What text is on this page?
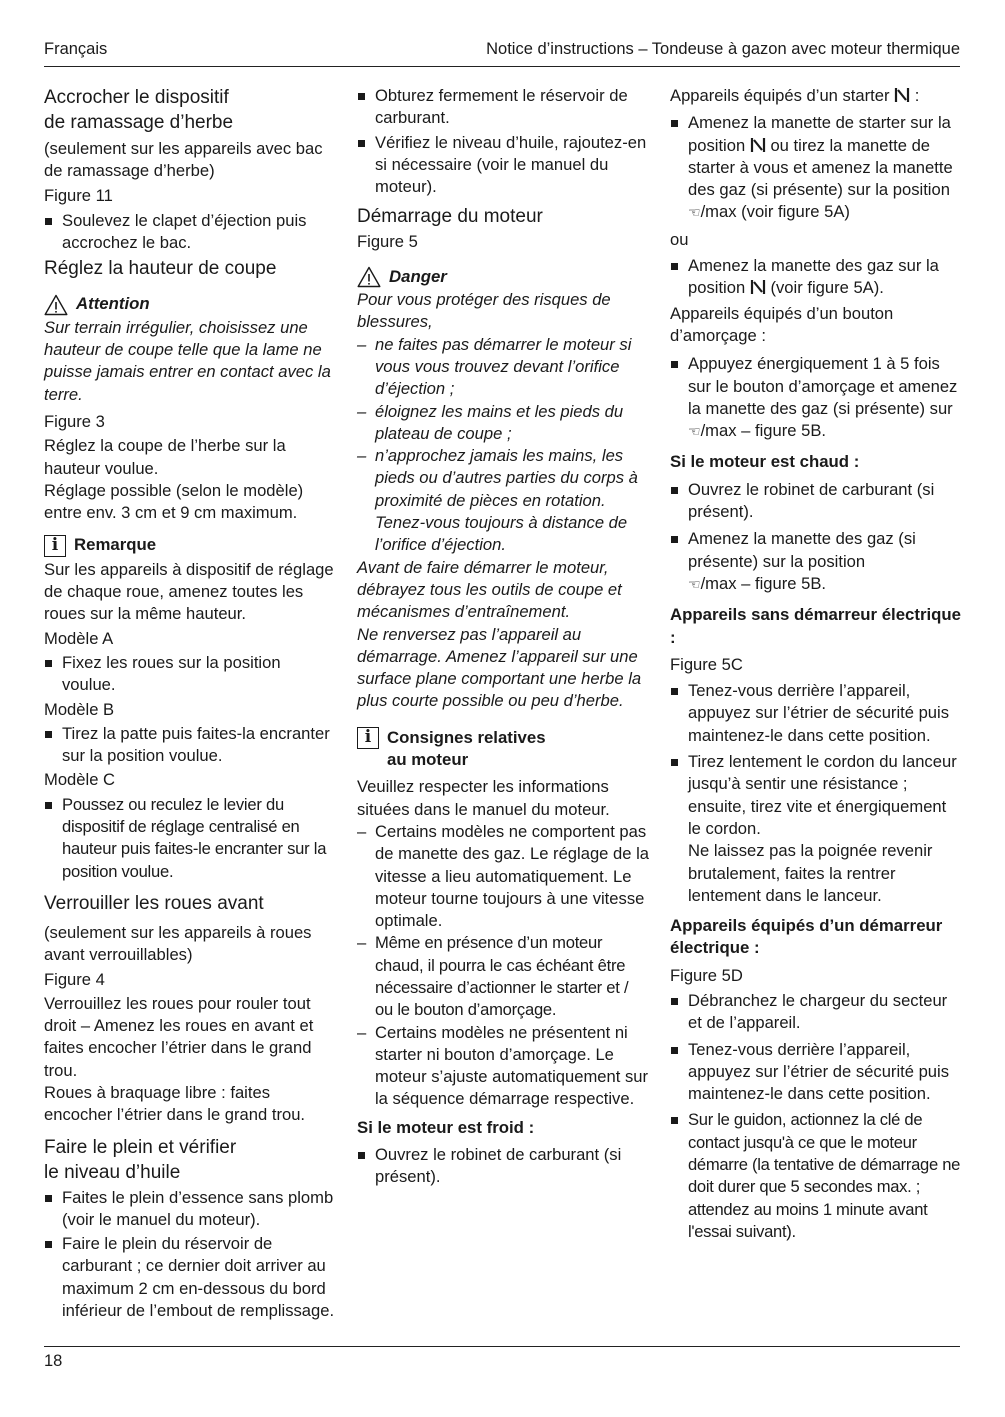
Français	Notice d’instructions – Tondeuse à gazon avec moteur thermique
Accrocher le dispositif
de ramassage d’herbe

(seulement sur les appareils avec bac de ramassage d’herbe)

Figure 11

Soulevez le clapet d’éjection puis accrochez le bac.

Réglez la hauteur de coupe
Attention

Sur terrain irrégulier, choisissez une hauteur de coupe telle que la lame ne puisse jamais entrer en contact avec la terre.

Figure 3

Réglez la coupe de l’herbe sur la hauteur voulue.

Réglage possible (selon le modèle) entre env. 3 cm et 9 cm maximum.

i Remarque

Sur les appareils à dispositif de réglage de chaque roue, amenez toutes les roues sur la même hauteur.

Modèle A

Fixez les roues sur la position voulue.

Modèle B

Tirez la patte puis faites-la encranter sur la position voulue.

Modèle C

Poussez ou reculez le levier du dispositif de réglage centralisé en hauteur puis faites-le encranter sur la position voulue.

Verrouiller les roues avant

(seulement sur les appareils à roues avant verrouillables)

Figure 4

Verrouillez les roues pour rouler tout droit – Amenez les roues en avant et faites encocher l’étrier dans le grand trou.

Roues à braquage libre : faites encocher l’étrier dans le grand trou.

Faire le plein et vérifier
le niveau d’huile

Faites le plein d’essence sans plomb (voir le manuel du moteur).

Faire le plein du réservoir de carburant ; ce dernier doit arriver au maximum 2 cm en-dessous du bord inférieur de l’embout de remplissage.

Obturez fermement le réservoir de carburant.

Vérifiez le niveau d’huile, rajoutez-en si nécessaire (voir le manuel du moteur).

Démarrage du moteur

Figure 5

Danger

Pour vous protéger des risques de blessures,

– ne faites pas démarrer le moteur si vous vous trouvez devant l’orifice d’éjection ;

– éloignez les mains et les pieds du plateau de coupe ;

– n’approchez jamais les mains, les pieds ou d’autres parties du corps à proximité de pièces en rotation. Tenez-vous toujours à distance de l’orifice d’éjection.

Avant de faire démarrer le moteur, débrayez tous les outils de coupe et mécanismes d’entraînement.

Ne renversez pas l’appareil au démarrage. Amenez l’appareil sur une surface plane comportant une herbe la plus courte possible ou peu d’herbe.

i Consignes relatives
au moteur

Veuillez respecter les informations situées dans le manuel du moteur.

– Certains modèles ne comportent pas de manette des gaz. Le réglage de la vitesse a lieu automatiquement. Le moteur tourne toujours à une vitesse optimale.

– Même en présence d’un moteur chaud, il pourra le cas échéant être nécessaire d’actionner le starter et / ou le bouton d’amorçage.

– Certains modèles ne présentent ni starter ni bouton d’amorçage. Le moteur s’ajuste automatiquement sur la séquence démarrage respective.

Si le moteur est froid :

Ouvrez le robinet de carburant (si présent).

Appareils équipés d’un starter  :

Amenez la manette de starter sur la position ou tirez la manette de starter à vous et amenez la manette des gaz (si présente) sur la position ☜/max (voir figure 5A)

ou

Amenez la manette des gaz sur la position (voir figure 5A).

Appareils équipés d’un bouton d’amorçage :

Appuyez énergiquement 1 à 5 fois sur le bouton d’amorçage et amenez la manette des gaz (si présente) sur ☜/max – figure 5B.

Si le moteur est chaud :

Ouvrez le robinet de carburant (si présent).

Amenez la manette des gaz (si présente) sur la position
☜/max – figure 5B.

Appareils sans démarreur électrique :

Figure 5C

Tenez-vous derrière l’appareil, appuyez sur l’étrier de sécurité puis maintenez-le dans cette position.

Tirez lentement le cordon du lanceur jusqu’à sentir une résistance ; ensuite, tirez vite et énergiquement le cordon.
Ne laissez pas la poignée revenir brutalement, faites la rentrer lentement dans le lanceur.

Appareils équipés d’un démarreur électrique :

Figure 5D

Débranchez le chargeur du secteur et de l’appareil.

Tenez-vous derrière l’appareil, appuyez sur l’étrier de sécurité puis maintenez-le dans cette position.

Sur le guidon, actionnez la clé de contact jusqu'à ce que le moteur démarre (la tentative de démarrage ne doit durer que 5 secondes max. ; attendez au moins 1 minute avant l'essai suivant).

18
